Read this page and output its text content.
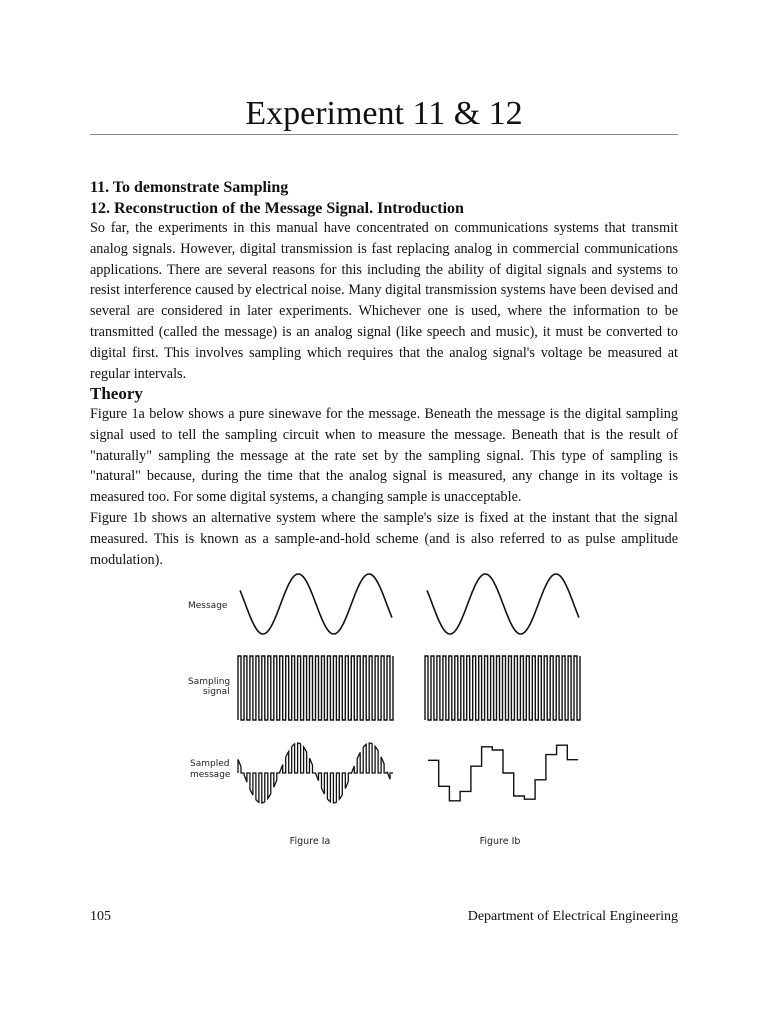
Experiment 11 & 12
11. To demonstrate Sampling
12. Reconstruction of the Message Signal. Introduction

So far, the experiments in this manual have concentrated on communications systems that transmit analog signals. However, digital transmission is fast replacing analog in commercial communications applications. There are several reasons for this including the ability of digital signals and systems to resist interference caused by electrical noise. Many digital transmission systems have been devised and several are considered in later experiments. Whichever one is used, where the information to be transmitted (called the message) is an analog signal (like speech and music), it must be converted to digital first. This involves sampling which requires that the analog signal's voltage be measured at regular intervals.

Theory

Figure 1a below shows a pure sinewave for the message. Beneath the message is the digital sampling signal used to tell the sampling circuit when to measure the message. Beneath that is the result of "naturally" sampling the message at the rate set by the sampling signal. This type of sampling is "natural" because, during the time that the analog signal is measured, any change in its voltage is measured too. For some digital systems, a changing sample is unacceptable.

Figure 1b shows an alternative system where the sample's size is fixed at the instant that the signal measured. This is known as a sample-and-hold scheme (and is also referred to as pulse amplitude modulation).

Message
Sampling
signal
Sampled
message
Figure Ia	Figure Ib
105	Department of Electrical Engineering
